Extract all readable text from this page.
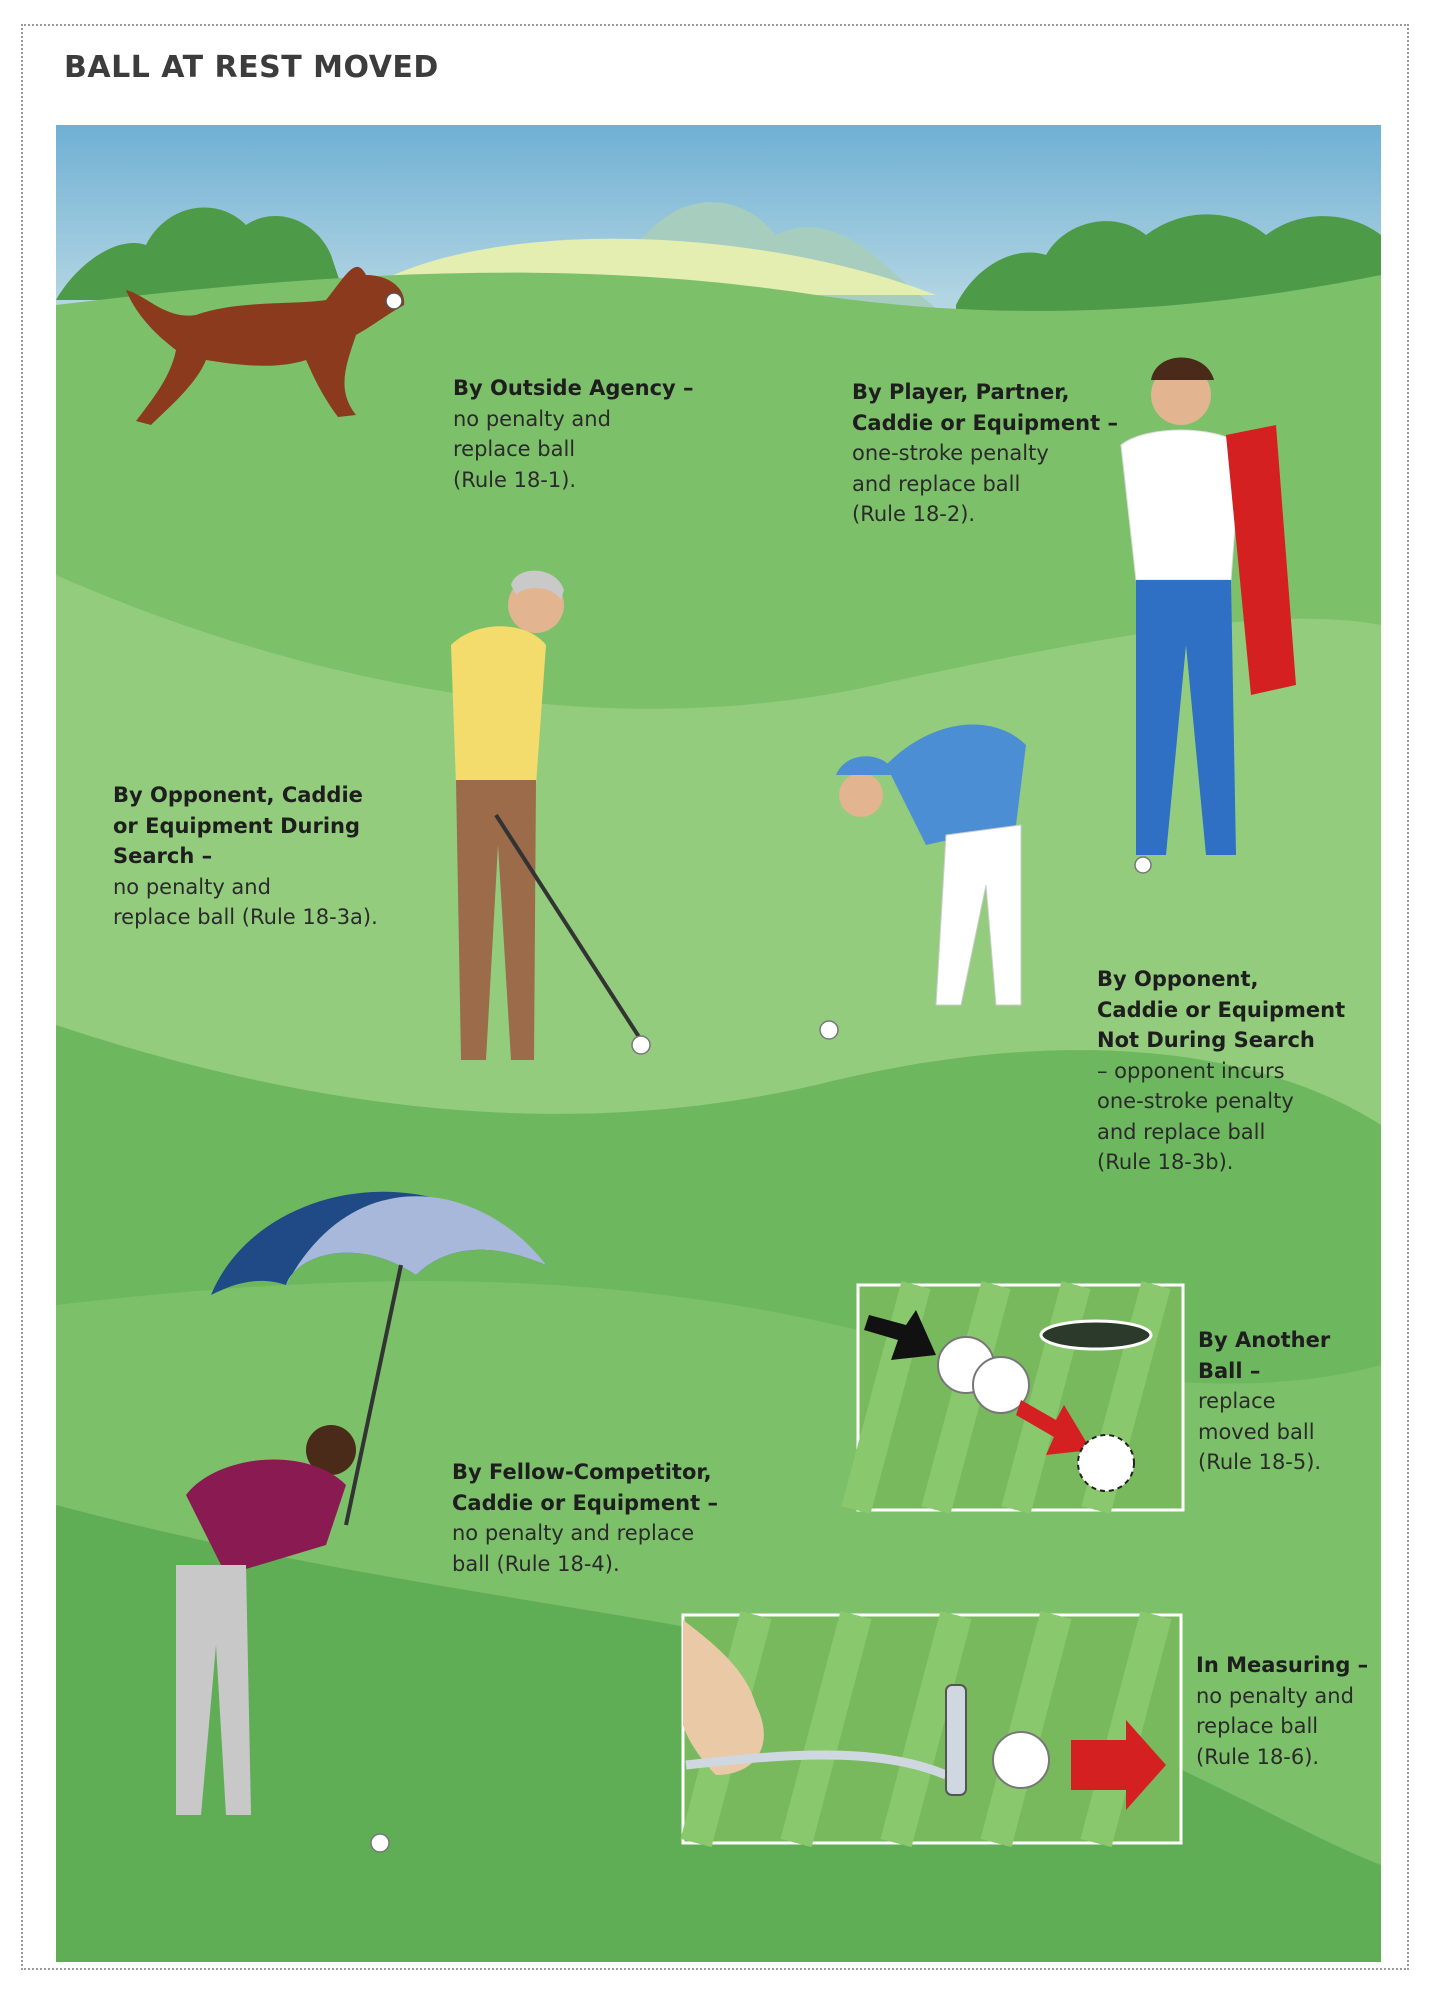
BALL AT REST MOVED

By Outside Agency –
no penalty and
replace ball
(Rule 18-1).

By Player, Partner,
Caddie or Equipment –
one-stroke penalty
and replace ball
(Rule 18-2).

By Opponent, Caddie
or Equipment During
Search –
no penalty and
replace ball (Rule 18-3a).

By Opponent,
Caddie or Equipment
Not During Search
– opponent incurs
one-stroke penalty
and replace ball
(Rule 18-3b).

By Another
Ball –
replace
moved ball
(Rule 18-5).

By Fellow-Competitor,
Caddie or Equipment –
no penalty and replace
ball (Rule 18-4).

In Measuring –
no penalty and
replace ball
(Rule 18-6).
